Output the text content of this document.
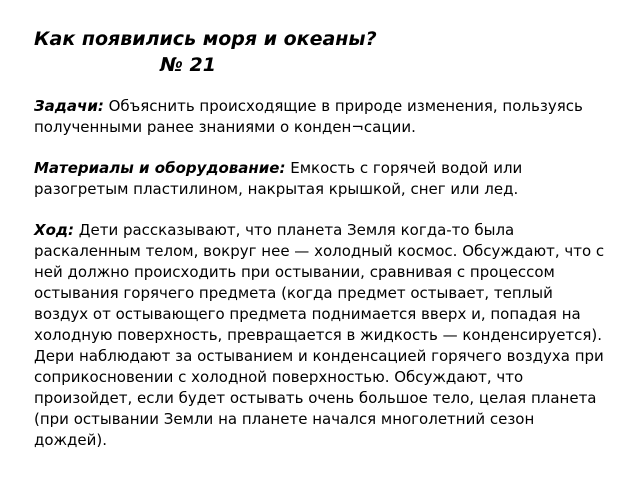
Как появились моря и океаны?

№ 21

Задачи: Объяснить происходящие в природе изменения, пользуясь полученными ранее знаниями о конден¬сации.

Материалы и оборудование: Емкость с горячей водой или разогретым пластилином, накрытая крышкой, снег или лед.

Ход: Дети рассказывают, что планета Земля когда-то была раскаленным телом, вокруг нее — холодный космос. Обсуждают, что с ней должно происходить при остывании, сравнивая с процессом остывания горячего предмета (когда предмет остывает, теплый воздух от остывающего предмета поднимается вверх и, попадая на холодную поверхность, превращается в жидкость — конденсируется). Дери наблюдают за остыванием и конденсацией горячего воздуха при соприкосновении с холодной поверхностью. Обсуждают, что произойдет, если будет остывать очень большое тело, целая планета (при остывании Земли на планете начался многолетний сезон дождей).
